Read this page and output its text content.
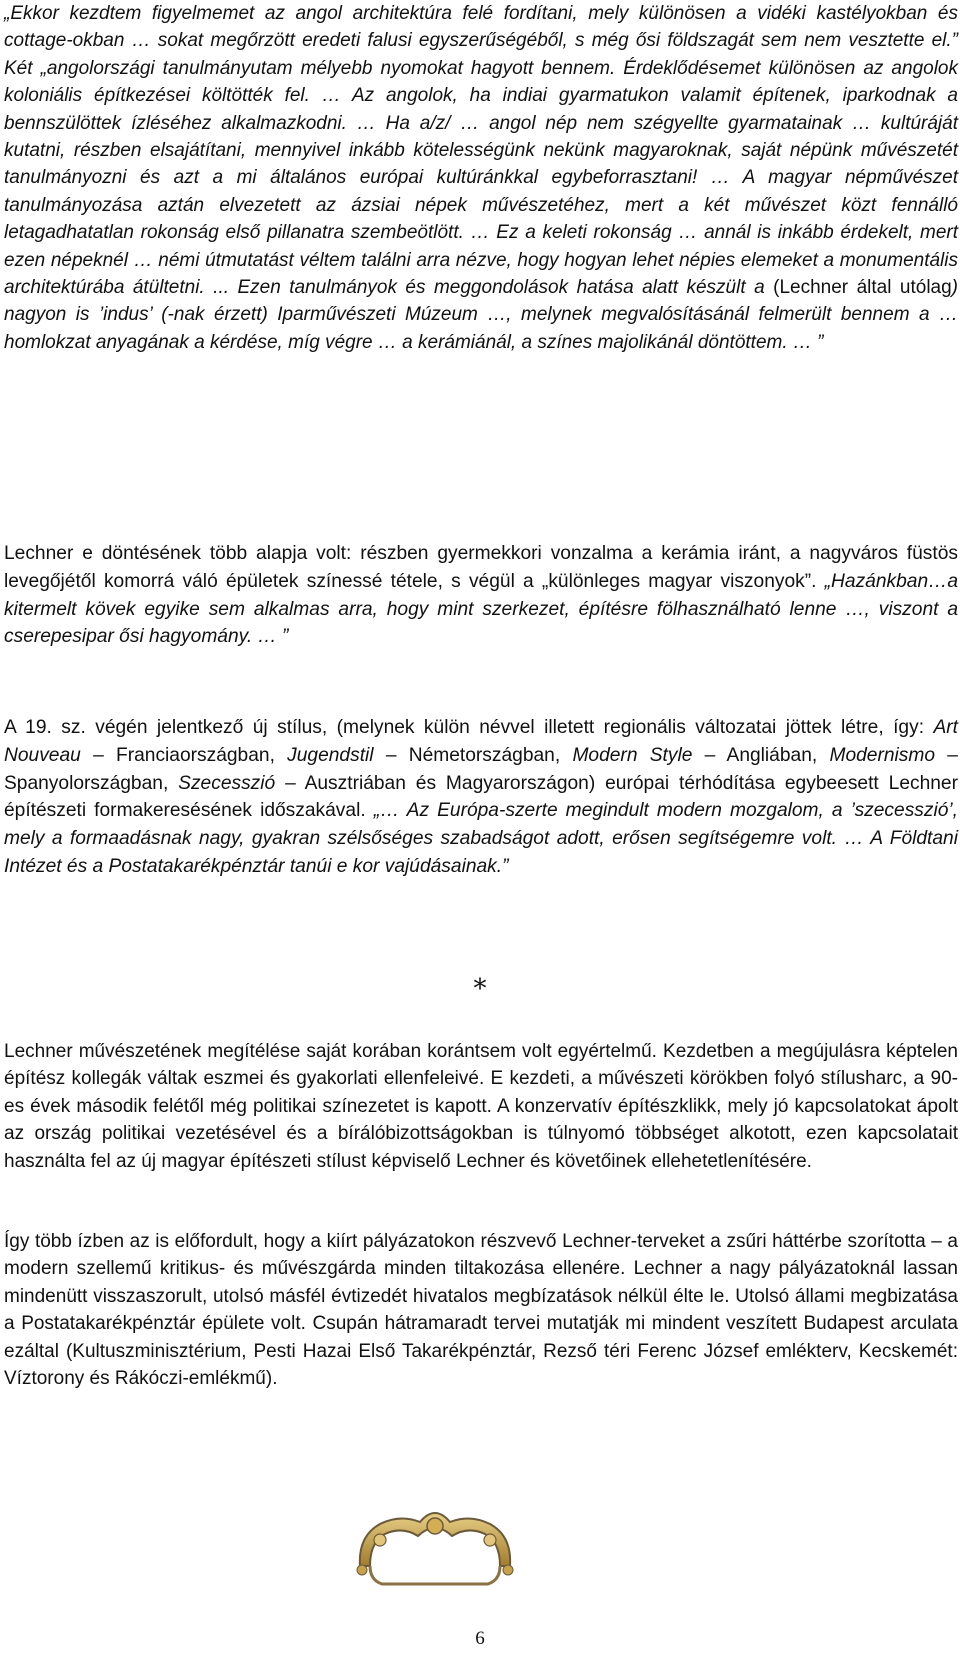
„Ekkor kezdtem figyelmemet az angol architektúra felé fordítani, mely különösen a vidéki kastélyokban és cottage-okban … sokat megőrzött eredeti falusi egyszerűségéből, s még ősi földszagát sem nem vesztette el.” Két „angolországi tanulmányutam mélyebb nyomokat hagyott bennem. Érdeklődésemet különösen az angolok koloniális építkezései költötték fel. … Az angolok, ha indiai gyarmatukon valamit építenek, iparkodnak a bennszülöttek ízléséhez alkalmazkodni. … Ha a/z/ … angol nép nem szégyellte gyarmatainak … kultúráját kutatni, részben elsajátítani, mennyivel inkább kötelességünk nekünk magyaroknak, saját népünk művészetét tanulmányozni és azt a mi általános európai kultúránkkal egybeforrasztani! … A magyar népművészet tanulmányozása aztán elvezetett az ázsiai népek művészetéhez, mert a két művészet közt fennálló letagadhatatlan rokonság első pillanatra szembeötlött. … Ez a keleti rokonság … annál is inkább érdekelt, mert ezen népeknél … némi útmutatást véltem találni arra nézve, hogy hogyan lehet népies elemeket a monumentális architektúrába átültetni. ... Ezen tanulmányok és meggondolások hatása alatt készült a (Lechner által utólag) nagyon is ’indus’ (-nak érzett) Iparművészeti Múzeum …, melynek megvalósításánál felmerült bennem a … homlokzat anyagának a kérdése, míg végre … a kerámiánál, a színes majolikánál döntöttem. … ”

Lechner e döntésének több alapja volt: részben gyermekkori vonzalma a kerámia iránt, a nagyváros füstös levegőjétől komorrá váló épületek színessé tétele, s végül a „különleges magyar viszonyok”. „Hazánkban…a kitermelt kövek egyike sem alkalmas arra, hogy mint szerkezet, építésre fölhasználható lenne …, viszont a cserepesipar ősi hagyomány. … ”

A 19. sz. végén jelentkező új stílus, (melynek külön névvel illetett regionális változatai jöttek létre, így: Art Nouveau – Franciaországban, Jugendstil – Németországban, Modern Style – Angliában, Modernismo – Spanyolországban, Szecesszió – Ausztriában és Magyarországon) európai térhódítása egybeesett Lechner építészeti formakeresésének időszakával. „… Az Európa-szerte megindult modern mozgalom, a ’szecesszió’, mely a formaadásnak nagy, gyakran szélsőséges szabadságot adott, erősen segítségemre volt. … A Földtani Intézet és a Postatakarékpénztár tanúi e kor vajúdásainak.”

*

Lechner művészetének megítélése saját korában korántsem volt egyértelmű. Kezdetben a megújulásra képtelen építész kollegák váltak eszmei és gyakorlati ellenfeleivé. E kezdeti, a művészeti körökben folyó stílusharc, a 90-es évek második felétől még politikai színezetet is kapott. A konzervatív építészklikk, mely jó kapcsolatokat ápolt az ország politikai vezetésével és a bírálóbizottságokban is túlnyomó többséget alkotott, ezen kapcsolatait használta fel az új magyar építészeti stílust képviselő Lechner és követőinek ellehetetlenítésére.

Így több ízben az is előfordult, hogy a kiírt pályázatokon részvevő Lechner-terveket a zsűri háttérbe szorította – a modern szellemű kritikus- és művészgárda minden tiltakozása ellenére. Lechner a nagy pályázatoknál lassan mindenütt visszaszorult, utolsó másfél évtizedét hivatalos megbízatások nélkül élte le. Utolsó állami megbizatása a Postatakarékpénztár épülete volt. Csupán hátramaradt tervei mutatják mi mindent veszített Budapest arculata ezáltal (Kultuszminisztérium, Pesti Hazai Első Takarékpénztár, Rezső téri Ferenc József emlékterv, Kecskemét: Víztorony és Rákóczi-emlékmű).

6
